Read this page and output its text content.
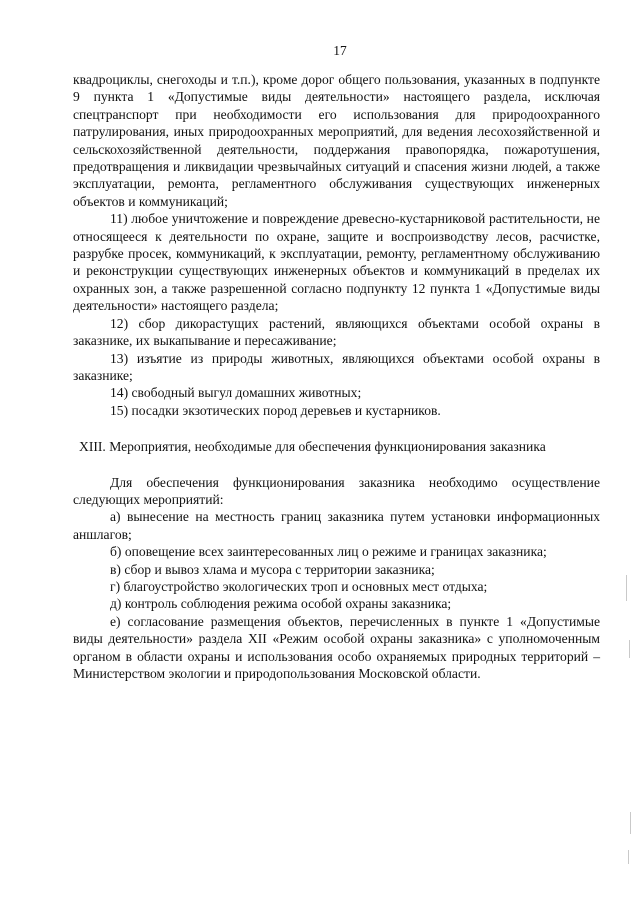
17

квадроциклы, снегоходы и т.п.), кроме дорог общего пользования, указанных в подпункте 9 пункта 1 «Допустимые виды деятельности» настоящего раздела, исключая спецтранспорт при необходимости его использования для природоохранного патрулирования, иных природоохранных мероприятий, для ведения лесохозяйственной и сельскохозяйственной деятельности, поддержания правопорядка, пожаротушения, предотвращения и ликвидации чрезвычайных ситуаций и спасения жизни людей, а также эксплуатации, ремонта, регламентного обслуживания существующих инженерных объектов и коммуникаций;

11) любое уничтожение и повреждение древесно-кустарниковой растительности, не относящееся к деятельности по охране, защите и воспроизводству лесов, расчистке, разрубке просек, коммуникаций, к эксплуатации, ремонту, регламентному обслуживанию и реконструкции существующих инженерных объектов и коммуникаций в пределах их охранных зон, а также разрешенной согласно подпункту 12 пункта 1 «Допустимые виды деятельности» настоящего раздела;

12) сбор дикорастущих растений, являющихся объектами особой охраны в заказнике, их выкапывание и пересаживание;

13) изъятие из природы животных, являющихся объектами особой охраны в заказнике;

14) свободный выгул домашних животных;

15) посадки экзотических пород деревьев и кустарников.

XIII. Мероприятия, необходимые для обеспечения функционирования заказника

Для обеспечения функционирования заказника необходимо осуществление следующих мероприятий:

а) вынесение на местность границ заказника путем установки информационных аншлагов;

б) оповещение всех заинтересованных лиц о режиме и границах заказника;

в) сбор и вывоз хлама и мусора с территории заказника;

г) благоустройство экологических троп и основных мест отдыха;

д) контроль соблюдения режима особой охраны заказника;

е) согласование размещения объектов, перечисленных в пункте 1 «Допустимые виды деятельности» раздела XII «Режим особой охраны заказника» с уполномоченным органом в области охраны и использования особо охраняемых природных территорий – Министерством экологии и природопользования Московской области.
